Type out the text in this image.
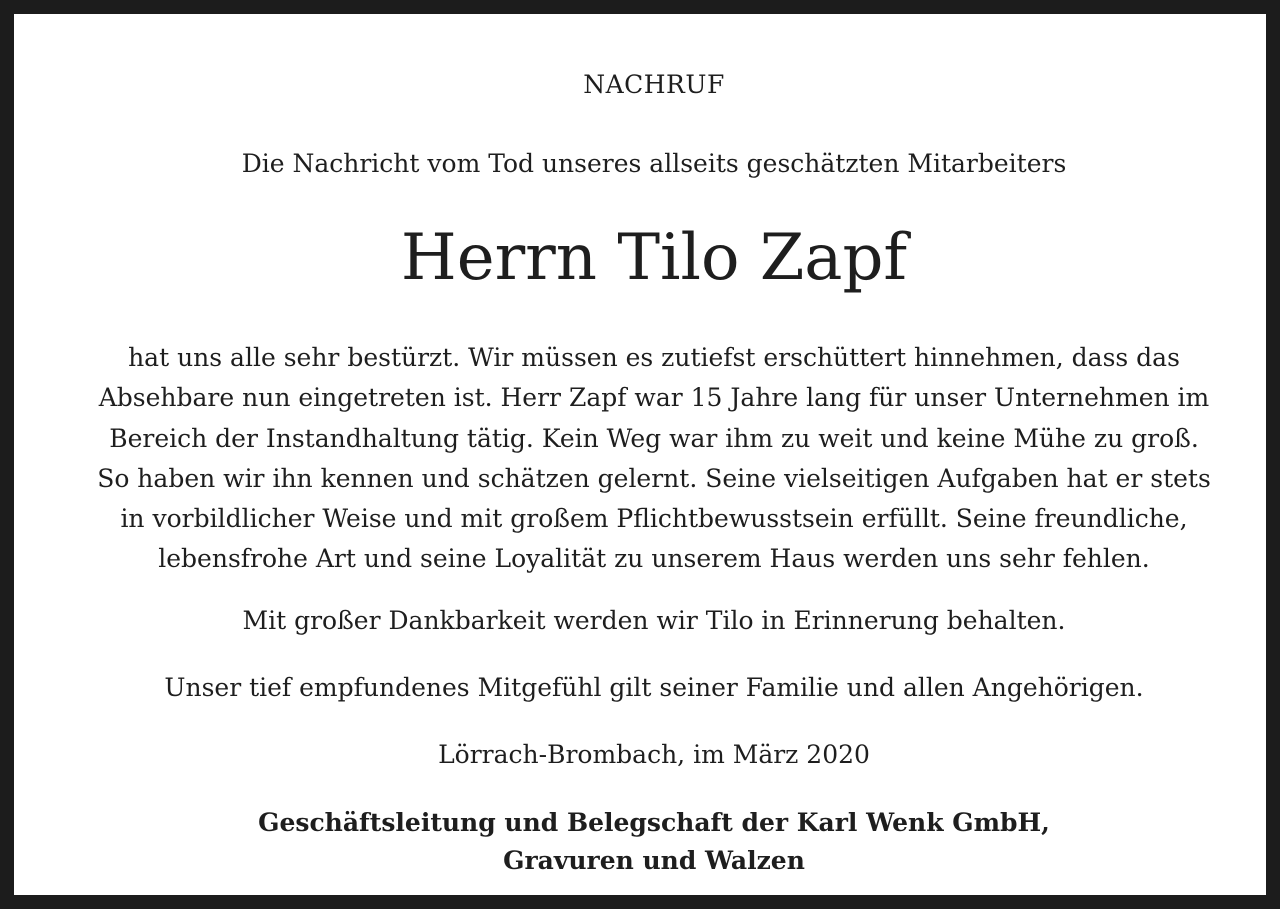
NACHRUF
Die Nachricht vom Tod unseres allseits geschätzten Mitarbeiters
Herrn Tilo Zapf
hat uns alle sehr bestürzt. Wir müssen es zutiefst erschüttert hinnehmen, dass das
Absehbare nun eingetreten ist. Herr Zapf war 15 Jahre lang für unser Unternehmen im
Bereich der Instandhaltung tätig. Kein Weg war ihm zu weit und keine Mühe zu groß.
So haben wir ihn kennen und schätzen gelernt. Seine vielseitigen Aufgaben hat er stets
in vorbildlicher Weise und mit großem Pflichtbewusstsein erfüllt. Seine freundliche,
lebensfrohe Art und seine Loyalität zu unserem Haus werden uns sehr fehlen.
Mit großer Dankbarkeit werden wir Tilo in Erinnerung behalten.
Unser tief empfundenes Mitgefühl gilt seiner Familie und allen Angehörigen.
Lörrach-Brombach, im März 2020
Geschäftsleitung und Belegschaft der Karl Wenk GmbH,
Gravuren und Walzen
